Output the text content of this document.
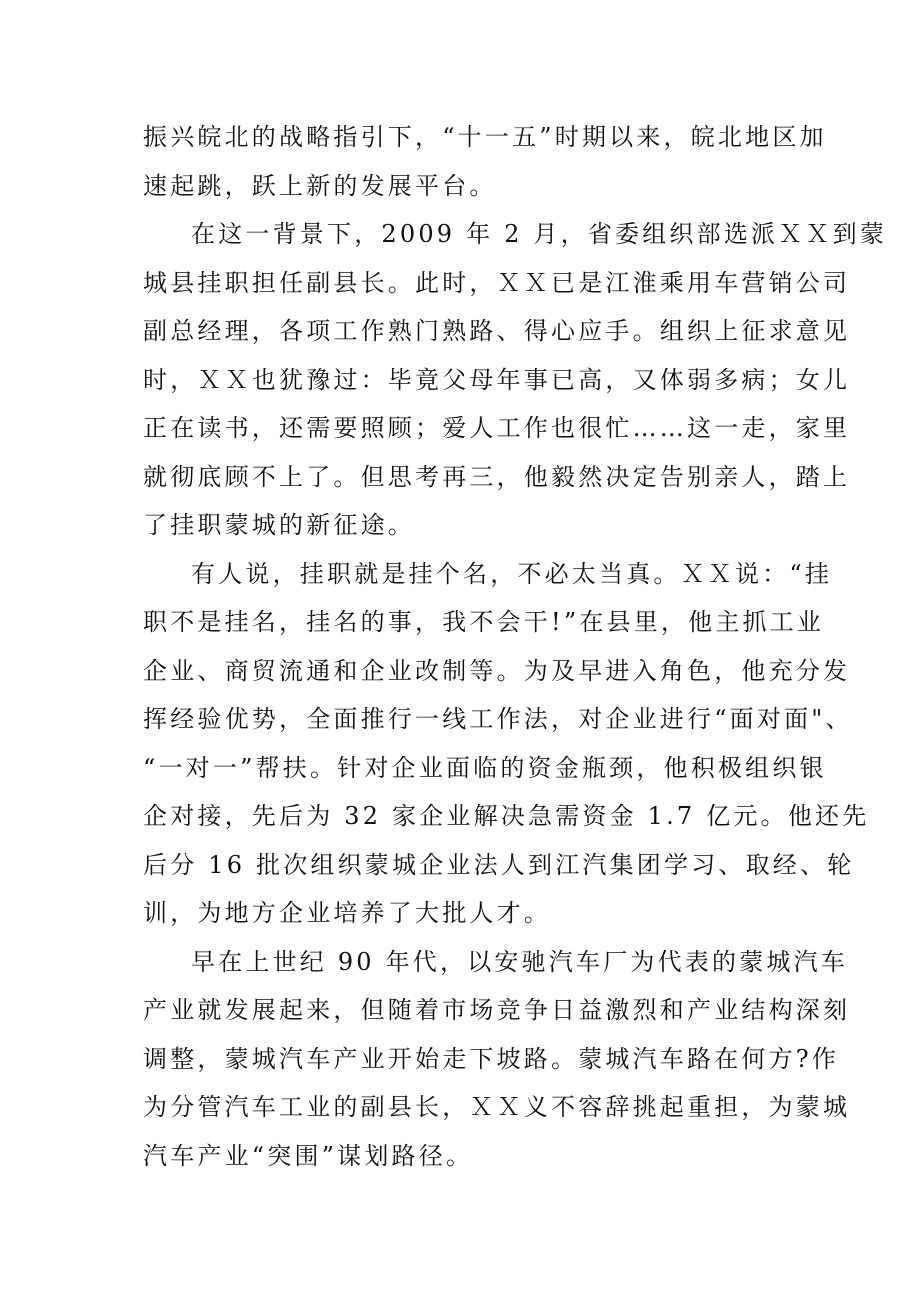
振兴皖北的战略指引下，“十一五”时期以来，皖北地区加
速起跳，跃上新的发展平台。
在这一背景下，2009 年 2 月，省委组织部选派ＸＸ到蒙
城县挂职担任副县长。此时，ＸＸ已是江淮乘用车营销公司
副总经理，各项工作熟门熟路、得心应手。组织上征求意见
时，ＸＸ也犹豫过：毕竟父母年事已高，又体弱多病；女儿
正在读书，还需要照顾；爱人工作也很忙……这一走，家里
就彻底顾不上了。但思考再三，他毅然决定告别亲人，踏上
了挂职蒙城的新征途。
有人说，挂职就是挂个名，不必太当真。ＸＸ说：“挂
职不是挂名，挂名的事，我不会干!”在县里，他主抓工业
企业、商贸流通和企业改制等。为及早进入角色，他充分发
挥经验优势，全面推行一线工作法，对企业进行“面对面"、
“一对一”帮扶。针对企业面临的资金瓶颈，他积极组织银
企对接，先后为 32 家企业解决急需资金 1.7 亿元。他还先
后分 16 批次组织蒙城企业法人到江汽集团学习、取经、轮
训，为地方企业培养了大批人才。
早在上世纪 90 年代，以安驰汽车厂为代表的蒙城汽车
产业就发展起来，但随着市场竞争日益激烈和产业结构深刻
调整，蒙城汽车产业开始走下坡路。蒙城汽车路在何方?作
为分管汽车工业的副县长，ＸＸ义不容辞挑起重担，为蒙城
汽车产业“突围”谋划路径。
